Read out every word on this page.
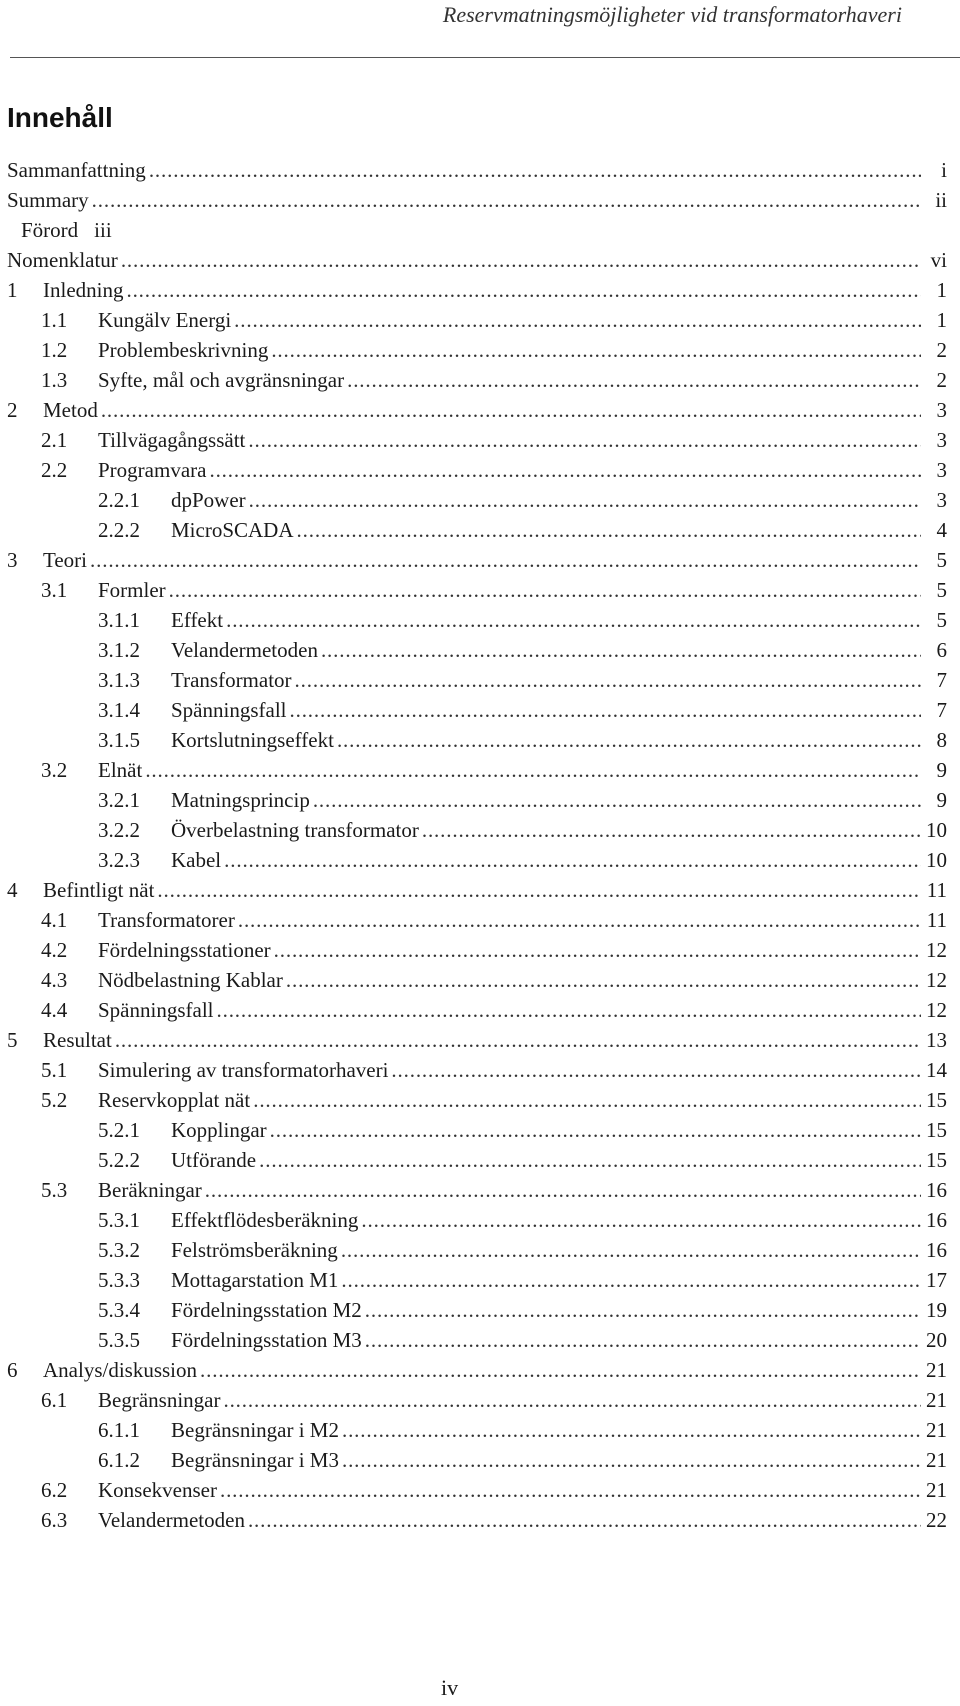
Reservmatningsmöjligheter vid transformatorhaveri
Innehåll
Sammanfattning . . .	i
Summary . . .	ii
Förord iii
Nomenklatur . . .	vi
1	Inledning . . .	1
1.1	Kungälv Energi . . .	1
1.2	Problembeskrivning . . .	2
1.3	Syfte, mål och avgränsningar . . .	2
2	Metod . . .	3
2.1	Tillvägagångssätt . . .	3
2.2	Programvara . . .	3
2.2.1	dpPower . . .	3
2.2.2	MicroSCADA . . .	4
3	Teori . . .	5
3.1	Formler . . .	5
3.1.1	Effekt . . .	5
3.1.2	Velandermetoden . . .	6
3.1.3	Transformator . . .	7
3.1.4	Spänningsfall . . .	7
3.1.5	Kortslutningseffekt . . .	8
3.2	Elnät . . .	9
3.2.1	Matningsprincip . . .	9
3.2.2	Överbelastning transformator . . .	10
3.2.3	Kabel . . .	10
4	Befintligt nät . . .	11
4.1	Transformatorer . . .	11
4.2	Fördelningsstationer . . .	12
4.3	Nödbelastning Kablar . . .	12
4.4	Spänningsfall . . .	12
5	Resultat . . .	13
5.1	Simulering av transformatorhaveri . . .	14
5.2	Reservkopplat nät . . .	15
5.2.1	Kopplingar . . .	15
5.2.2	Utförande . . .	15
5.3	Beräkningar . . .	16
5.3.1	Effektflödesberäkning . . .	16
5.3.2	Felströmsberäkning . . .	16
5.3.3	Mottagarstation M1 . . .	17
5.3.4	Fördelningsstation M2 . . .	19
5.3.5	Fördelningsstation M3 . . .	20
6	Analys/diskussion . . .	21
6.1	Begränsningar . . .	21
6.1.1	Begränsningar i M2 . . .	21
6.1.2	Begränsningar i M3 . . .	21
6.2	Konsekvenser . . .	21
6.3	Velandermetoden . . .	22
iv
